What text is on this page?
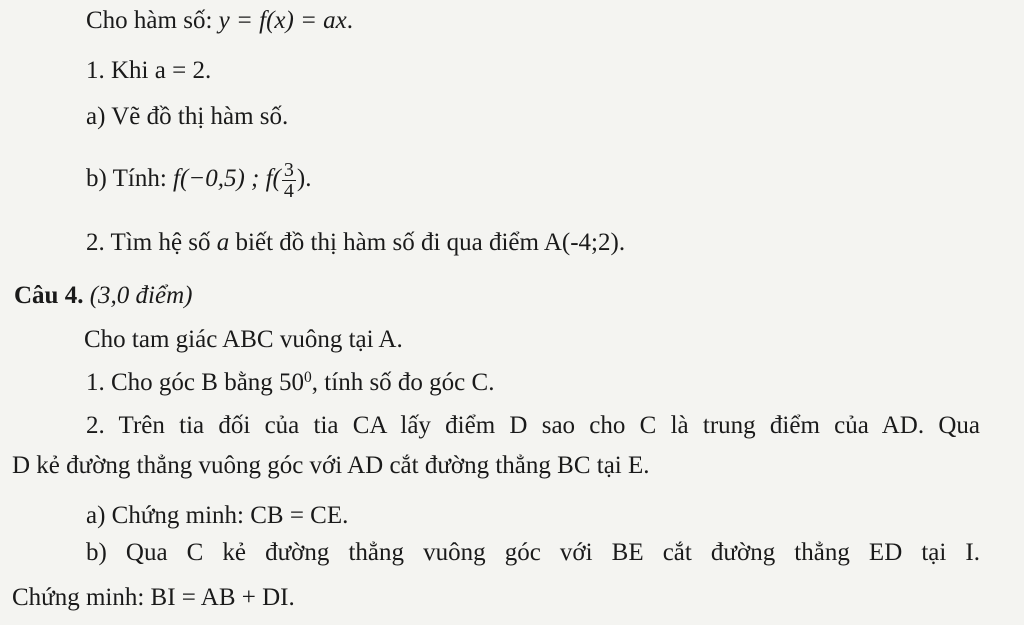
Cho hàm số: y = f(x) = ax.
1. Khi a = 2.
a) Vẽ đồ thị hàm số.
b) Tính: f(−0,5) ; $f( \frac{3}{4}$ ).
2. Tìm hệ số a biết đồ thị hàm số đi qua điểm A(-4;2).
Câu 4. (3,0 điểm)
Cho tam giác ABC vuông tại A.
1. Cho góc B bằng $50^0$, tính số đo góc C.
2. Trên tia đối của tia CA lấy điểm D sao cho C là trung điểm của AD. Qua
D kẻ đường thẳng vuông góc với AD cắt đường thẳng BC tại E.
a) Chứng minh: CB = CE.
b) Qua C kẻ đường thẳng vuông góc với BE cắt đường thẳng ED tại I.
Chứng minh: BI = AB + DI.
